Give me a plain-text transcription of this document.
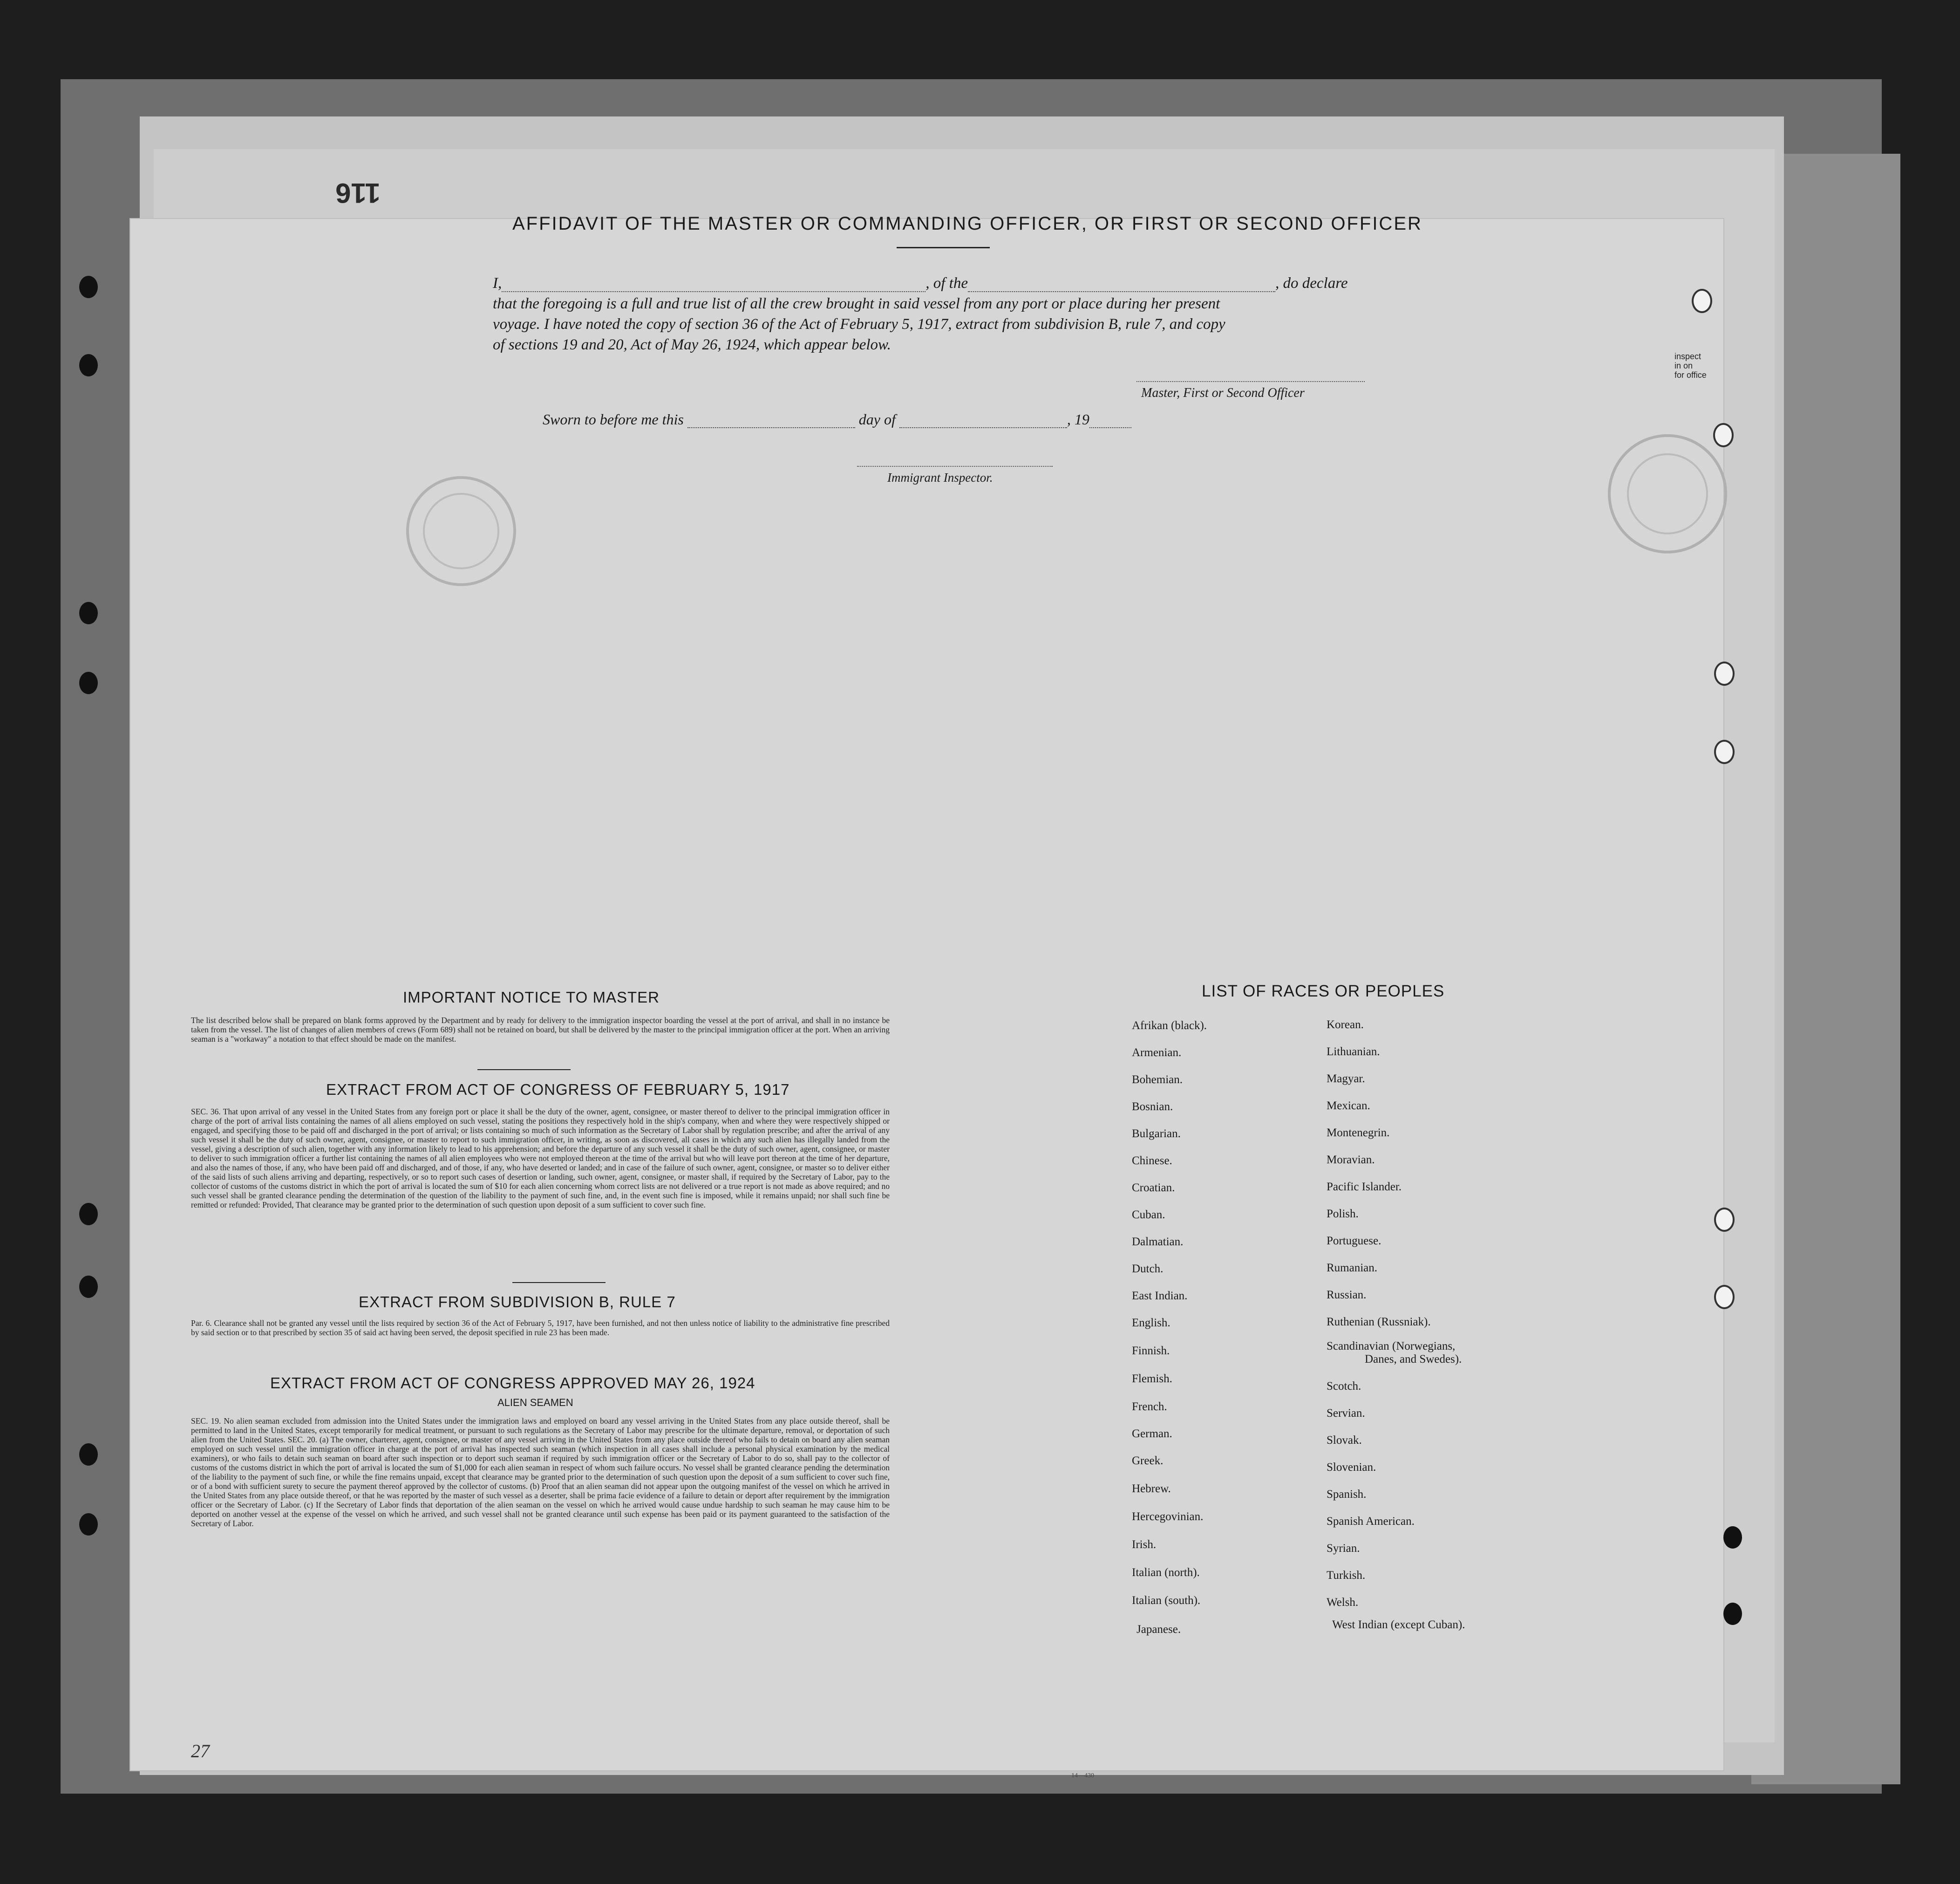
116
AFFIDAVIT OF THE MASTER OR COMMANDING OFFICER, OR FIRST OR SECOND OFFICER
I,	, of the	, do declare
that the foregoing is a full and true list of all the crew brought in said vessel from any port or place during her present
voyage. I have noted the copy of section 36 of the Act of February 5, 1917, extract from subdivision B, rule 7, and copy
of sections 19 and 20, Act of May 26, 1924, which appear below.
Master, First or Second Officer
Sworn to before me this	day of	, 19
Immigrant Inspector.
IMPORTANT NOTICE TO MASTER
The list described below shall be prepared on blank forms approved by the Department and by ready for delivery to the immigration inspector boarding the vessel at the port of arrival, and shall in no instance be taken from the vessel. The list of changes of alien members of crews (Form 689) shall not be retained on board, but shall be delivered by the master to the principal immigration officer at the port. When an arriving seaman is a "workaway" a notation to that effect should be made on the manifest.
EXTRACT FROM ACT OF CONGRESS OF FEBRUARY 5, 1917
SEC. 36. That upon arrival of any vessel in the United States from any foreign port or place it shall be the duty of the owner, agent, consignee, or master thereof to deliver to the principal immigration officer in charge of the port of arrival lists containing the names of all aliens employed on such vessel, stating the positions they respectively hold in the ship's company, when and where they were respectively shipped or engaged, and specifying those to be paid off and discharged in the port of arrival; or lists containing so much of such information as the Secretary of Labor shall by regulation prescribe; and after the arrival of any such vessel it shall be the duty of such owner, agent, consignee, or master to report to such immigration officer, in writing, as soon as discovered, all cases in which any such alien has illegally landed from the vessel, giving a description of such alien, together with any information likely to lead to his apprehension; and before the departure of any such vessel it shall be the duty of such owner, agent, consignee, or master to deliver to such immigration officer a further list containing the names of all alien employees who were not employed thereon at the time of the arrival but who will leave port thereon at the time of her departure, and also the names of those, if any, who have been paid off and discharged, and of those, if any, who have deserted or landed; and in case of the failure of such owner, agent, consignee, or master so to deliver either of the said lists of such aliens arriving and departing, respectively, or so to report such cases of desertion or landing, such owner, agent, consignee, or master shall, if required by the Secretary of Labor, pay to the collector of customs of the customs district in which the port of arrival is located the sum of $10 for each alien concerning whom correct lists are not delivered or a true report is not made as above required; and no such vessel shall be granted clearance pending the determination of the question of the liability to the payment of such fine, and, in the event such fine is imposed, while it remains unpaid; nor shall such fine be remitted or refunded: Provided, That clearance may be granted prior to the determination of such question upon deposit of a sum sufficient to cover such fine.
EXTRACT FROM SUBDIVISION B, RULE 7
Par. 6. Clearance shall not be granted any vessel until the lists required by section 36 of the Act of February 5, 1917, have been furnished, and not then unless notice of liability to the administrative fine prescribed by said section or to that prescribed by section 35 of said act having been served, the deposit specified in rule 23 has been made.
EXTRACT FROM ACT OF CONGRESS APPROVED MAY 26, 1924
ALIEN SEAMEN
SEC. 19. No alien seaman excluded from admission into the United States under the immigration laws and employed on board any vessel arriving in the United States from any place outside thereof, shall be permitted to land in the United States, except temporarily for medical treatment, or pursuant to such regulations as the Secretary of Labor may prescribe for the ultimate departure, removal, or deportation of such alien from the United States. SEC. 20. (a) The owner, charterer, agent, consignee, or master of any vessel arriving in the United States from any place outside thereof who fails to detain on board any alien seaman employed on such vessel until the immigration officer in charge at the port of arrival has inspected such seaman (which inspection in all cases shall include a personal physical examination by the medical examiners), or who fails to detain such seaman on board after such inspection or to deport such seaman if required by such immigration officer or the Secretary of Labor to do so, shall pay to the collector of customs of the customs district in which the port of arrival is located the sum of $1,000 for each alien seaman in respect of whom such failure occurs. No vessel shall be granted clearance pending the determination of the liability to the payment of such fine, or while the fine remains unpaid, except that clearance may be granted prior to the determination of such question upon the deposit of a sum sufficient to cover such fine, or of a bond with sufficient surety to secure the payment thereof approved by the collector of customs. (b) Proof that an alien seaman did not appear upon the outgoing manifest of the vessel on which he arrived in the United States from any place outside thereof, or that he was reported by the master of such vessel as a deserter, shall be prima facie evidence of a failure to detain or deport after requirement by the immigration officer or the Secretary of Labor. (c) If the Secretary of Labor finds that deportation of the alien seaman on the vessel on which he arrived would cause undue hardship to such seaman he may cause him to be deported on another vessel at the expense of the vessel on which he arrived, and such vessel shall not be granted clearance until such expense has been paid or its payment guaranteed to the satisfaction of the Secretary of Labor.
LIST OF RACES OR PEOPLES
Afrikan (black).
Armenian.
Bohemian.
Bosnian.
Bulgarian.
Chinese.
Croatian.
Cuban.
Dalmatian.
Dutch.
East Indian.
English.
Finnish.
Flemish.
French.
German.
Greek.
Hebrew.
Hercegovinian.
Irish.
Italian (north).
Italian (south).
Japanese.
Korean.
Lithuanian.
Magyar.
Mexican.
Montenegrin.
Moravian.
Pacific Islander.
Polish.
Portuguese.
Rumanian.
Russian.
Ruthenian (Russniak).
Scandinavian (Norwegians,
Danes, and Swedes).
Scotch.
Servian.
Slovak.
Slovenian.
Spanish.
Spanish American.
Syrian.
Turkish.
Welsh.
West Indian (except Cuban).
inspect
in on
for office
27
14—430
